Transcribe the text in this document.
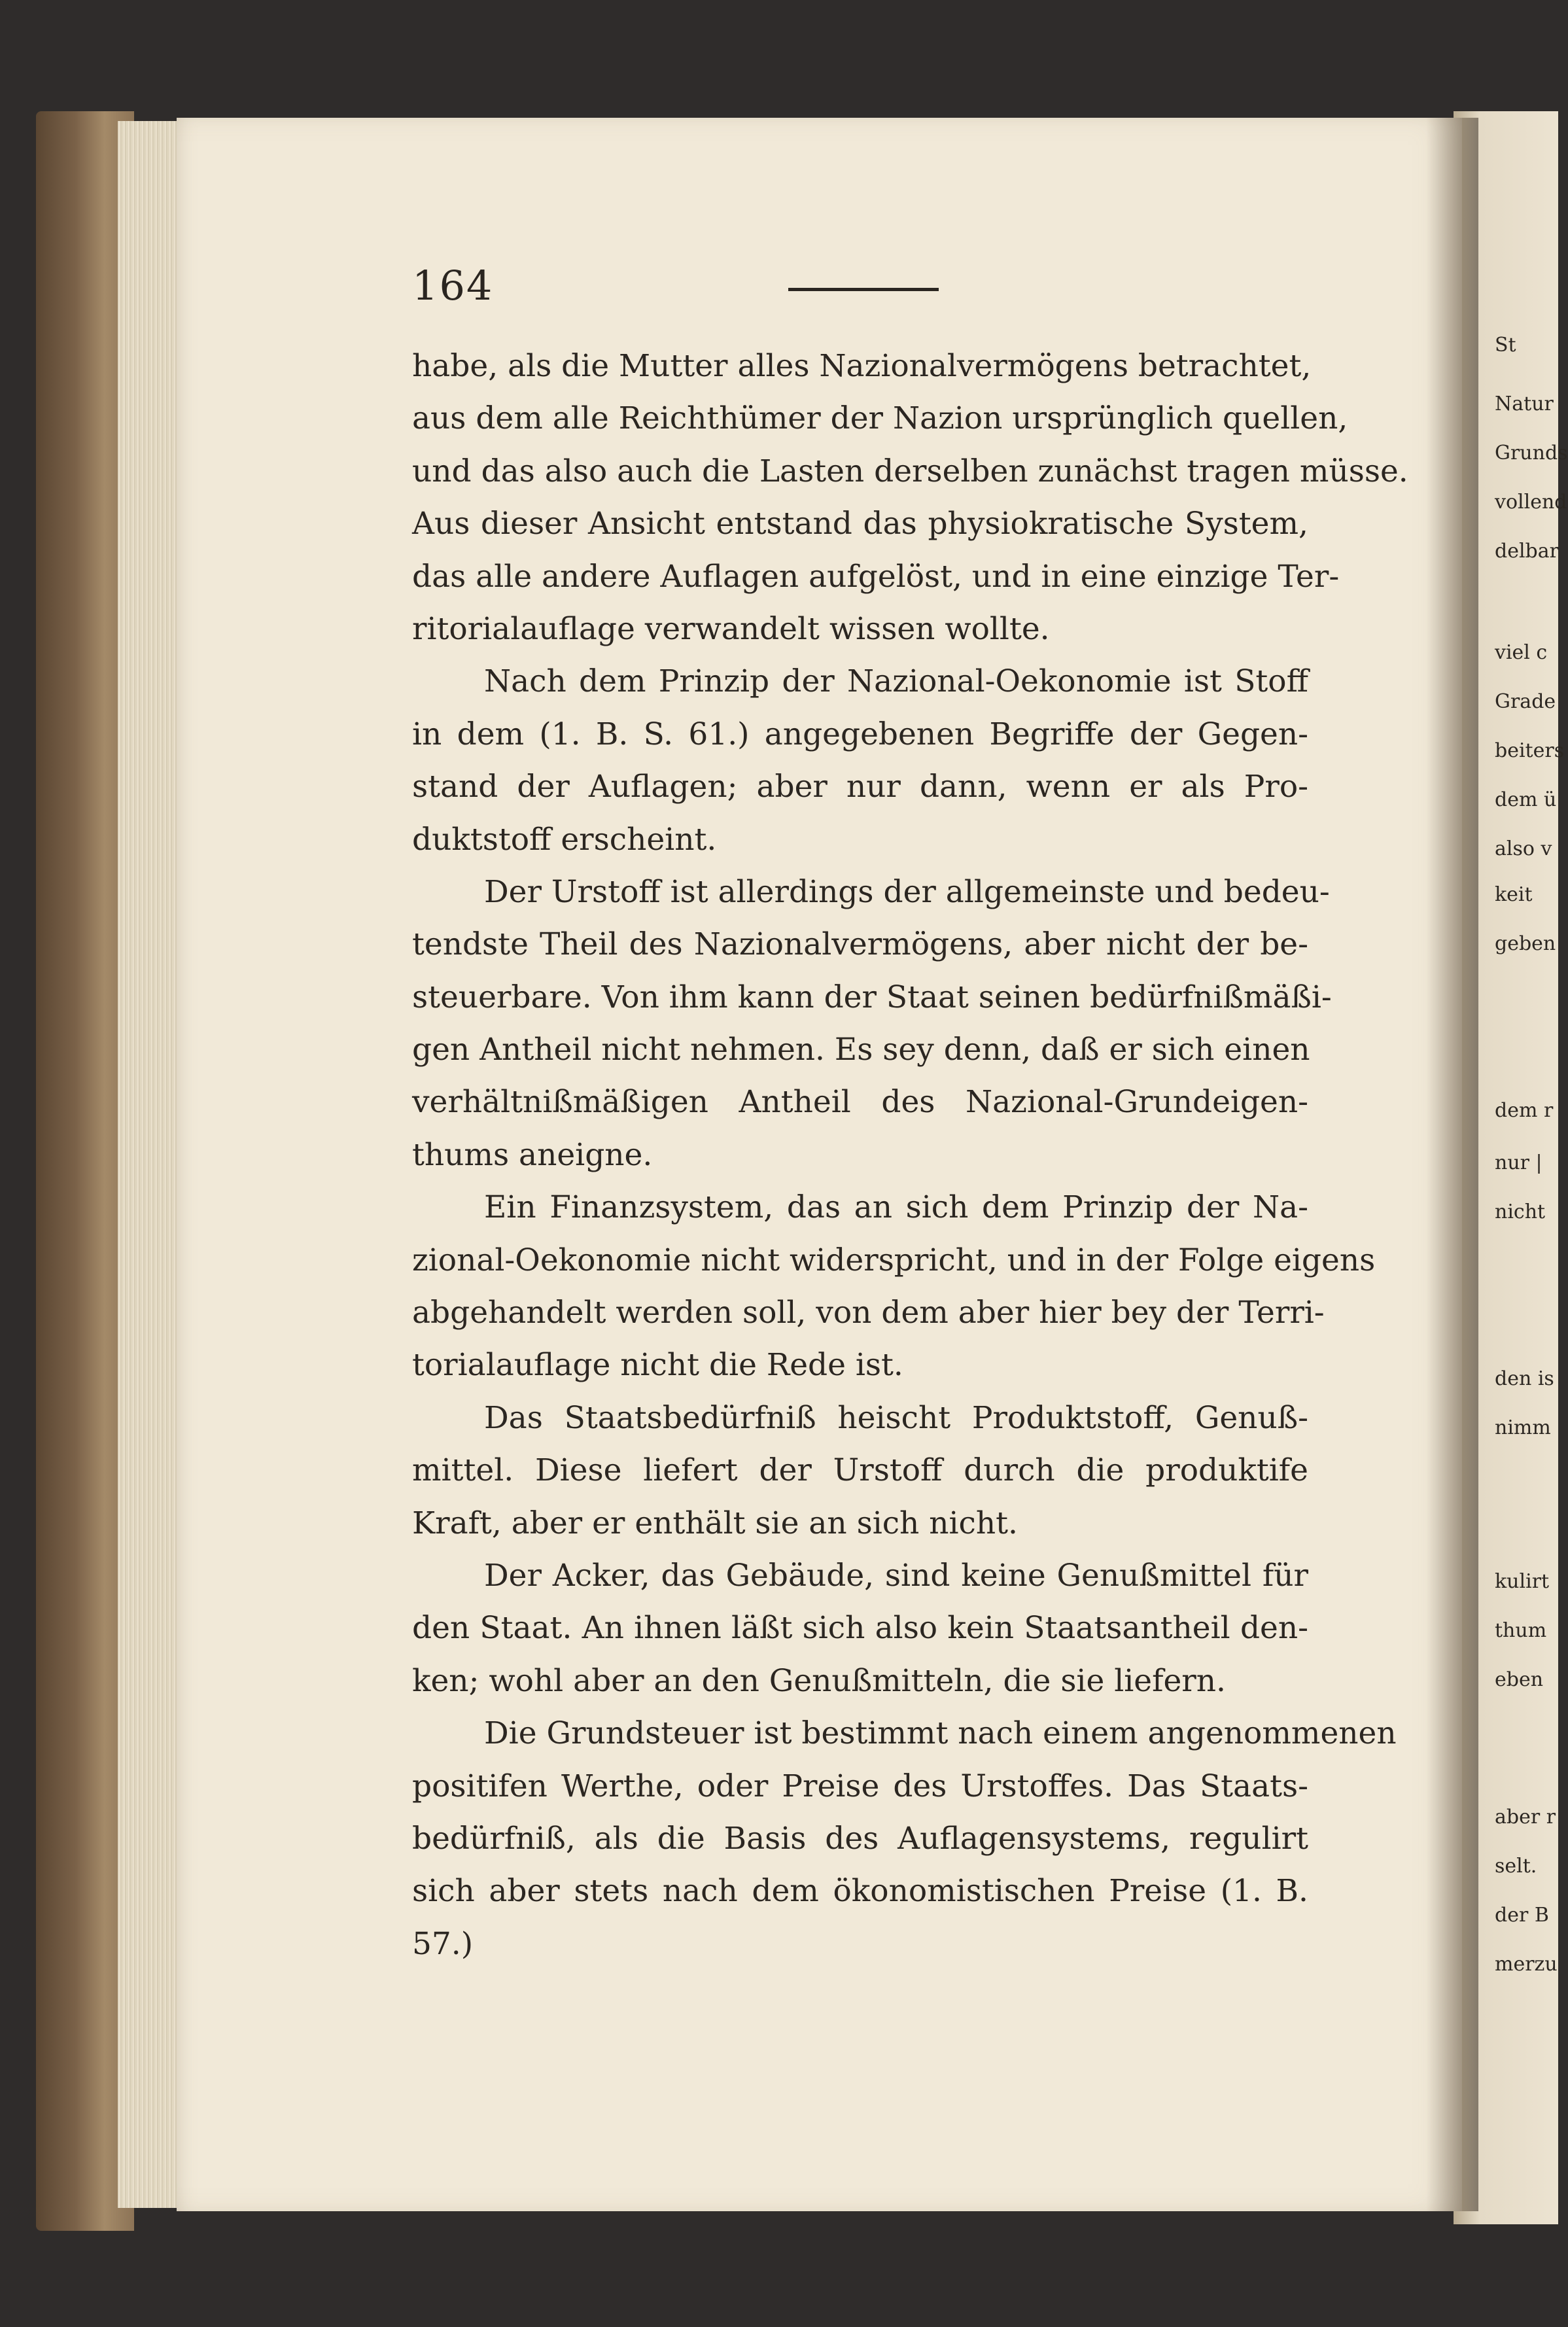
164
habe, als die Mutter alles Nazionalvermögens betrachtet,
aus dem alle Reichthümer der Nazion ursprünglich quellen,
und das also auch die Lasten derselben zunächst tragen müsse.
Aus dieser Ansicht entstand das physiokratische System,
das alle andere Auflagen aufgelöst, und in eine einzige Ter-
ritorialauflage verwandelt wissen wollte.
Nach dem Prinzip der Nazional-Oekonomie ist Stoff
in dem (1. B. S. 61.) angegebenen Begriffe der Gegen-
stand der Auflagen; aber nur dann, wenn er als Pro-
duktstoff erscheint.
Der Urstoff ist allerdings der allgemeinste und bedeu-
tendste Theil des Nazionalvermögens, aber nicht der be-
steuerbare. Von ihm kann der Staat seinen bedürfnißmäßi-
gen Antheil nicht nehmen. Es sey denn, daß er sich einen
verhältnißmäßigen Antheil des Nazional-Grundeigen-
thums aneigne.
Ein Finanzsystem, das an sich dem Prinzip der Na-
zional-Oekonomie nicht widerspricht, und in der Folge eigens
abgehandelt werden soll, von dem aber hier bey der Terri-
torialauflage nicht die Rede ist.
Das Staatsbedürfniß heischt Produktstoff, Genuß-
mittel. Diese liefert der Urstoff durch die produktife
Kraft, aber er enthält sie an sich nicht.
Der Acker, das Gebäude, sind keine Genußmittel für
den Staat. An ihnen läßt sich also kein Staatsantheil den-
ken; wohl aber an den Genußmitteln, die sie liefern.
Die Grundsteuer ist bestimmt nach einem angenommenen
positifen Werthe, oder Preise des Urstoffes. Das Staats-
bedürfniß, als die Basis des Auflagensystems, regulirt
sich aber stets nach dem ökonomistischen Preise (1. B.
57.)
St
Natur
Grunds
vollend
delbar
viel c
Grade
beiters
dem ü
also v
keit
geben
dem r
nur |
nicht
den is
nimm
kulirt
thum
eben
aber r
selt.
der B
merzu
